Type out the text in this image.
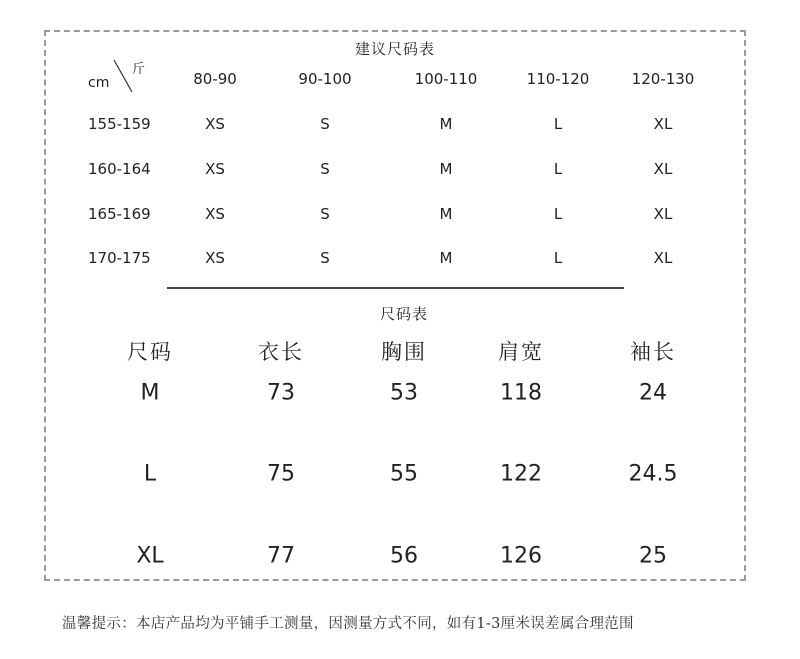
建议尺码表
斤
cm	80-90	90-100	100-110	110-120	120-130
155-159	XS	S	M	L	XL
160-164	XS	S	M	L	XL
165-169	XS	S	M	L	XL
170-175	XS	S	M	L	XL
尺码表
尺码	衣长	胸围	肩宽	袖长
M	73	53	118	24
L	75	55	122	24.5
XL	77	56	126	25
温馨提示：本店产品均为平铺手工测量，因测量方式不同，如有1-3厘米误差属合理范围
